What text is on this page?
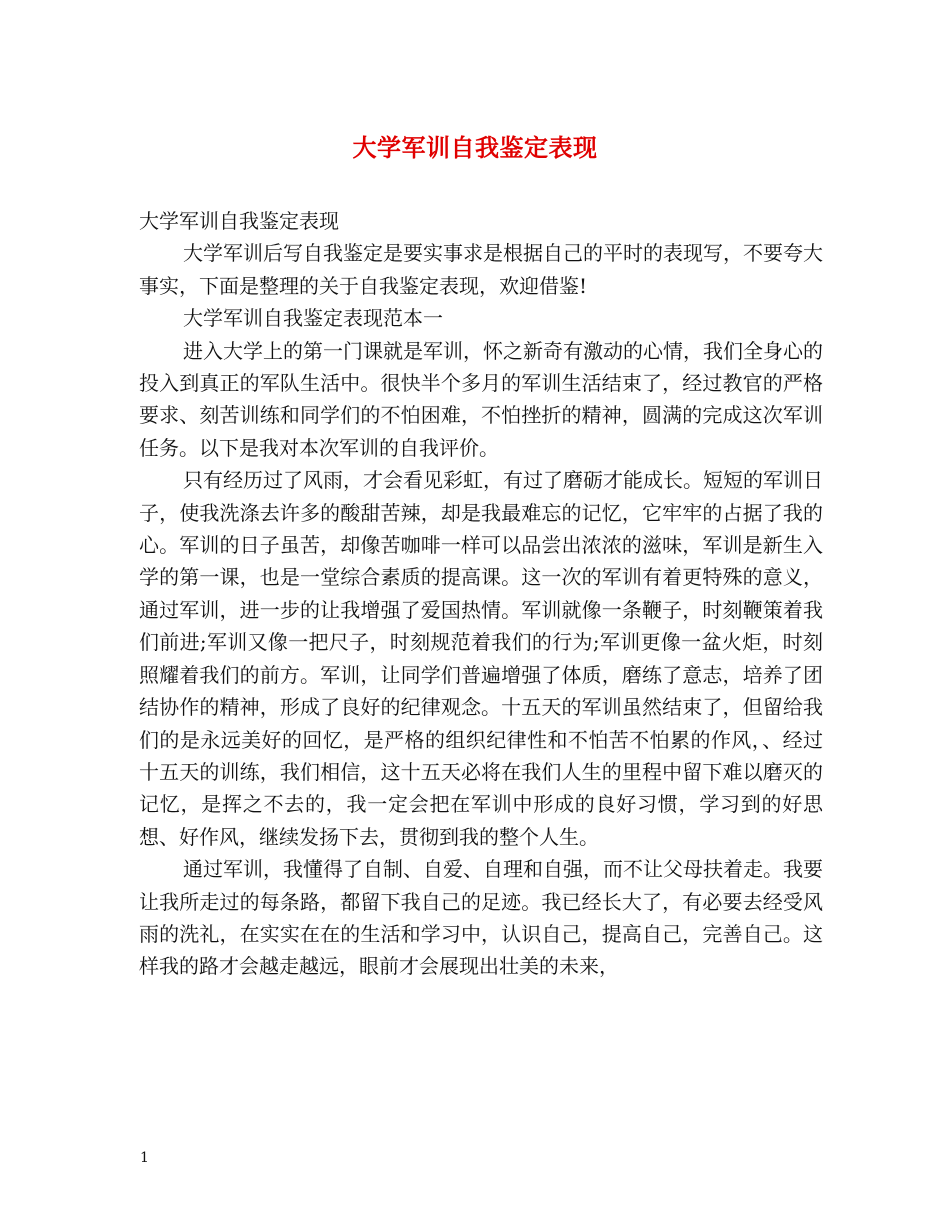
大学军训自我鉴定表现

大学军训自我鉴定表现

大学军训后写自我鉴定是要实事求是根据自己的平时的表现写，不要夸大事实，下面是整理的关于自我鉴定表现，欢迎借鉴!

大学军训自我鉴定表现范本一

进入大学上的第一门课就是军训，怀之新奇有激动的心情，我们全身心的投入到真正的军队生活中。很快半个多月的军训生活结束了，经过教官的严格要求、刻苦训练和同学们的不怕困难，不怕挫折的精神，圆满的完成这次军训任务。以下是我对本次军训的自我评价。

只有经历过了风雨，才会看见彩虹，有过了磨砺才能成长。短短的军训日子，使我洗涤去许多的酸甜苦辣，却是我最难忘的记忆，它牢牢的占据了我的心。军训的日子虽苦，却像苦咖啡一样可以品尝出浓浓的滋味，军训是新生入学的第一课，也是一堂综合素质的提高课。这一次的军训有着更特殊的意义，通过军训，进一步的让我增强了爱国热情。军训就像一条鞭子，时刻鞭策着我们前进;军训又像一把尺子，时刻规范着我们的行为;军训更像一盆火炬，时刻照耀着我们的前方。军训，让同学们普遍增强了体质，磨练了意志，培养了团结协作的精神，形成了良好的纪律观念。十五天的军训虽然结束了，但留给我们的是永远美好的回忆，是严格的组织纪律性和不怕苦不怕累的作风，、经过十五天的训练，我们相信，这十五天必将在我们人生的里程中留下难以磨灭的记忆，是挥之不去的，我一定会把在军训中形成的良好习惯，学习到的好思想、好作风，继续发扬下去，贯彻到我的整个人生。

通过军训，我懂得了自制、自爱、自理和自强，而不让父母扶着走。我要让我所走过的每条路，都留下我自己的足迹。我已经长大了，有必要去经受风雨的洗礼，在实实在在的生活和学习中，认识自己，提高自己，完善自己。这样我的路才会越走越远，眼前才会展现出壮美的未来，

1
